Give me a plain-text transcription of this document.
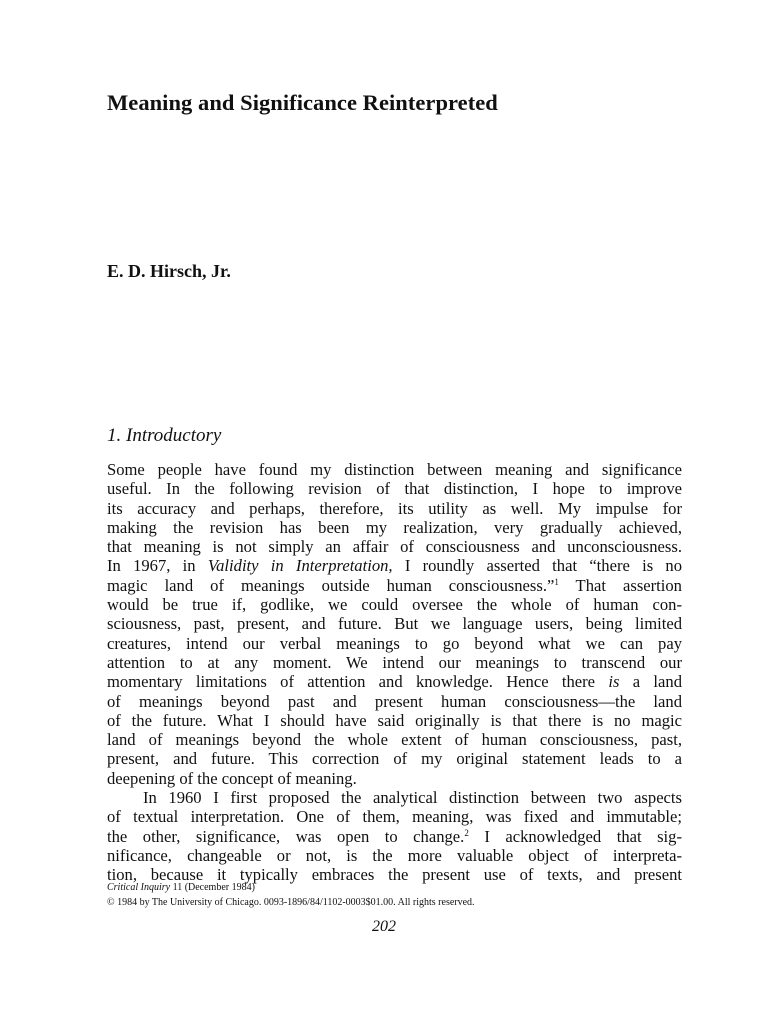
Meaning and Significance Reinterpreted
E. D. Hirsch, Jr.
1. Introductory
Some people have found my distinction between meaning and significance
useful. In the following revision of that distinction, I hope to improve
its accuracy and perhaps, therefore, its utility as well. My impulse for
making the revision has been my realization, very gradually achieved,
that meaning is not simply an affair of consciousness and unconsciousness.
In 1967, in Validity in Interpretation, I roundly asserted that “there is no
magic land of meanings outside human consciousness.”$^1$ That assertion
would be true if, godlike, we could oversee the whole of human con-
sciousness, past, present, and future. But we language users, being limited
creatures, intend our verbal meanings to go beyond what we can pay
attention to at any moment. We intend our meanings to transcend our
momentary limitations of attention and knowledge. Hence there is a land
of meanings beyond past and present human consciousness—the land
of the future. What I should have said originally is that there is no magic
land of meanings beyond the whole extent of human consciousness, past,
present, and future. This correction of my original statement leads to a
deepening of the concept of meaning.
In 1960 I first proposed the analytical distinction between two aspects
of textual interpretation. One of them, meaning, was fixed and immutable;
the other, significance, was open to change.$^2$ I acknowledged that sig-
nificance, changeable or not, is the more valuable object of interpreta-
tion, because it typically embraces the present use of texts, and present
Critical Inquiry 11 (December 1984)
© 1984 by The University of Chicago. 0093-1896/84/1102-0003$01.00. All rights reserved.

202
